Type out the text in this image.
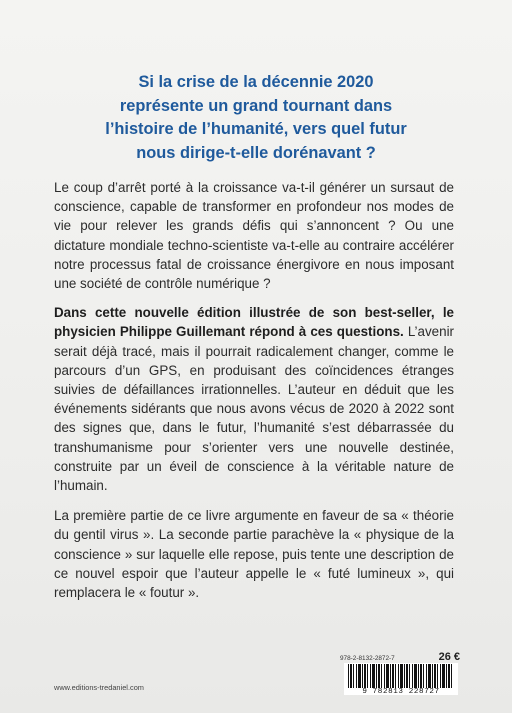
Si la crise de la décennie 2020
représente un grand tournant dans
l’histoire de l’humanité, vers quel futur
nous dirige-t-elle dorénavant ?

Le coup d’arrêt porté à la croissance va-t-il générer un sursaut de conscience, capable de transformer en profondeur nos modes de vie pour relever les grands défis qui s’annoncent ? Ou une dictature mondiale techno-scientiste va-t-elle au contraire accélérer notre processus fatal de croissance énergivore en nous imposant une société de contrôle numérique ?

Dans cette nouvelle édition illustrée de son best-seller, le physicien Philippe Guillemant répond à ces questions. L’avenir serait déjà tracé, mais il pourrait radicalement changer, comme le parcours d’un GPS, en produisant des coïncidences étranges suivies de défaillances irrationnelles. L’auteur en déduit que les événements sidérants que nous avons vécus de 2020 à 2022 sont des signes que, dans le futur, l’humanité s’est débarrassée du transhumanisme pour s’orienter vers une nouvelle destinée, construite par un éveil de conscience à la véritable nature de l’humain.

La première partie de ce livre argumente en faveur de sa « théorie du gentil virus ». La seconde partie parachève la « physique de la conscience » sur laquelle elle repose, puis tente une description de ce nouvel espoir que l’auteur appelle le « futé lumineux », qui remplacera le « foutur ».

978-2-8132-2872-7	26 €
9 782813 228727
www.editions-tredaniel.com
